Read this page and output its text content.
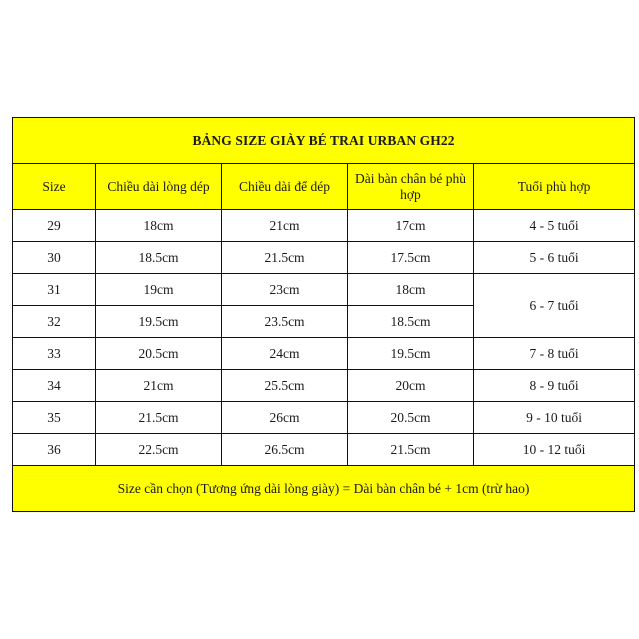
BẢNG SIZE GIÀY BÉ TRAI URBAN GH22				
Size	Chiều dài lòng dép	Chiều dài để dép	Dài bàn chân bé phù hợp	Tuổi phù hợp
29	18cm	21cm	17cm	4 - 5 tuổi
30	18.5cm	21.5cm	17.5cm	5 - 6 tuổi
31	19cm	23cm	18cm	6 - 7 tuổi
32	19.5cm	23.5cm	18.5cm	
33	20.5cm	24cm	19.5cm	7 - 8 tuổi
34	21cm	25.5cm	20cm	8 - 9 tuổi
35	21.5cm	26cm	20.5cm	9 - 10 tuổi
36	22.5cm	26.5cm	21.5cm	10 - 12 tuổi
Size cần chọn (Tương ứng dài lòng giày) = Dài bàn chân bé + 1cm (trừ hao)				
